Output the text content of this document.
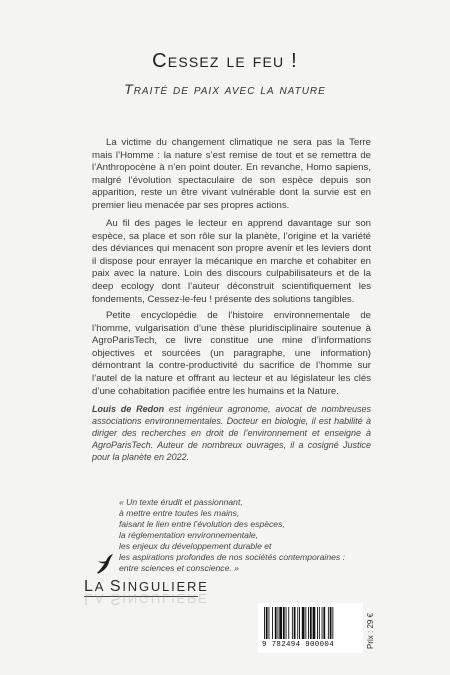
Cessez le feu !
Traité de paix avec la nature

La victime du changement climatique ne sera pas la Terre mais l’Homme : la nature s’est remise de tout et se remettra de l’Anthropocène à n’en point douter. En revanche, Homo sapiens, malgré l’évolution spectaculaire de son espèce depuis son apparition, reste un être vivant vulnérable dont la survie est en premier lieu menacée par ses propres actions.

Au fil des pages le lecteur en apprend davantage sur son espèce, sa place et son rôle sur la planète, l’origine et la variété des déviances qui menacent son propre avenir et les leviers dont il dispose pour enrayer la mécanique en marche et cohabiter en paix avec la nature. Loin des discours culpabilisateurs et de la deep ecology dont l’auteur déconstruit scientifiquement les fondements, Cessez-le-feu ! présente des solutions tangibles.

Petite encyclopédie de l’histoire environnementale de l’homme, vulgarisation d’une thèse pluridisciplinaire soutenue à AgroParisTech, ce livre constitue une mine d’informations objectives et sourcées (un paragraphe, une information) démontrant la contre-productivité du sacrifice de l’homme sur l’autel de la nature et offrant au lecteur et au législateur les clés d’une cohabitation pacifiée entre les humains et la Nature.

Louis de Redon est ingénieur agronome, avocat de nombreuses associations environnementales. Docteur en biologie, il est habilité à diriger des recherches en droit de l’environnement et enseigne à AgroParisTech. Auteur de nombreux ouvrages, il a cosigné Justice pour la planète en 2022.
« Un texte érudit et passionnant,
à mettre entre toutes les mains,
faisant le lien entre l’évolution des espèces,
la réglementation environnementale,
les enjeux du développement durable et
les aspirations profondes de nos sociétés contemporaines :
entre sciences et conscience. »
LA SINGULIERE
LA SINGULIERE
9 782494 900004	Prix : 29 €
